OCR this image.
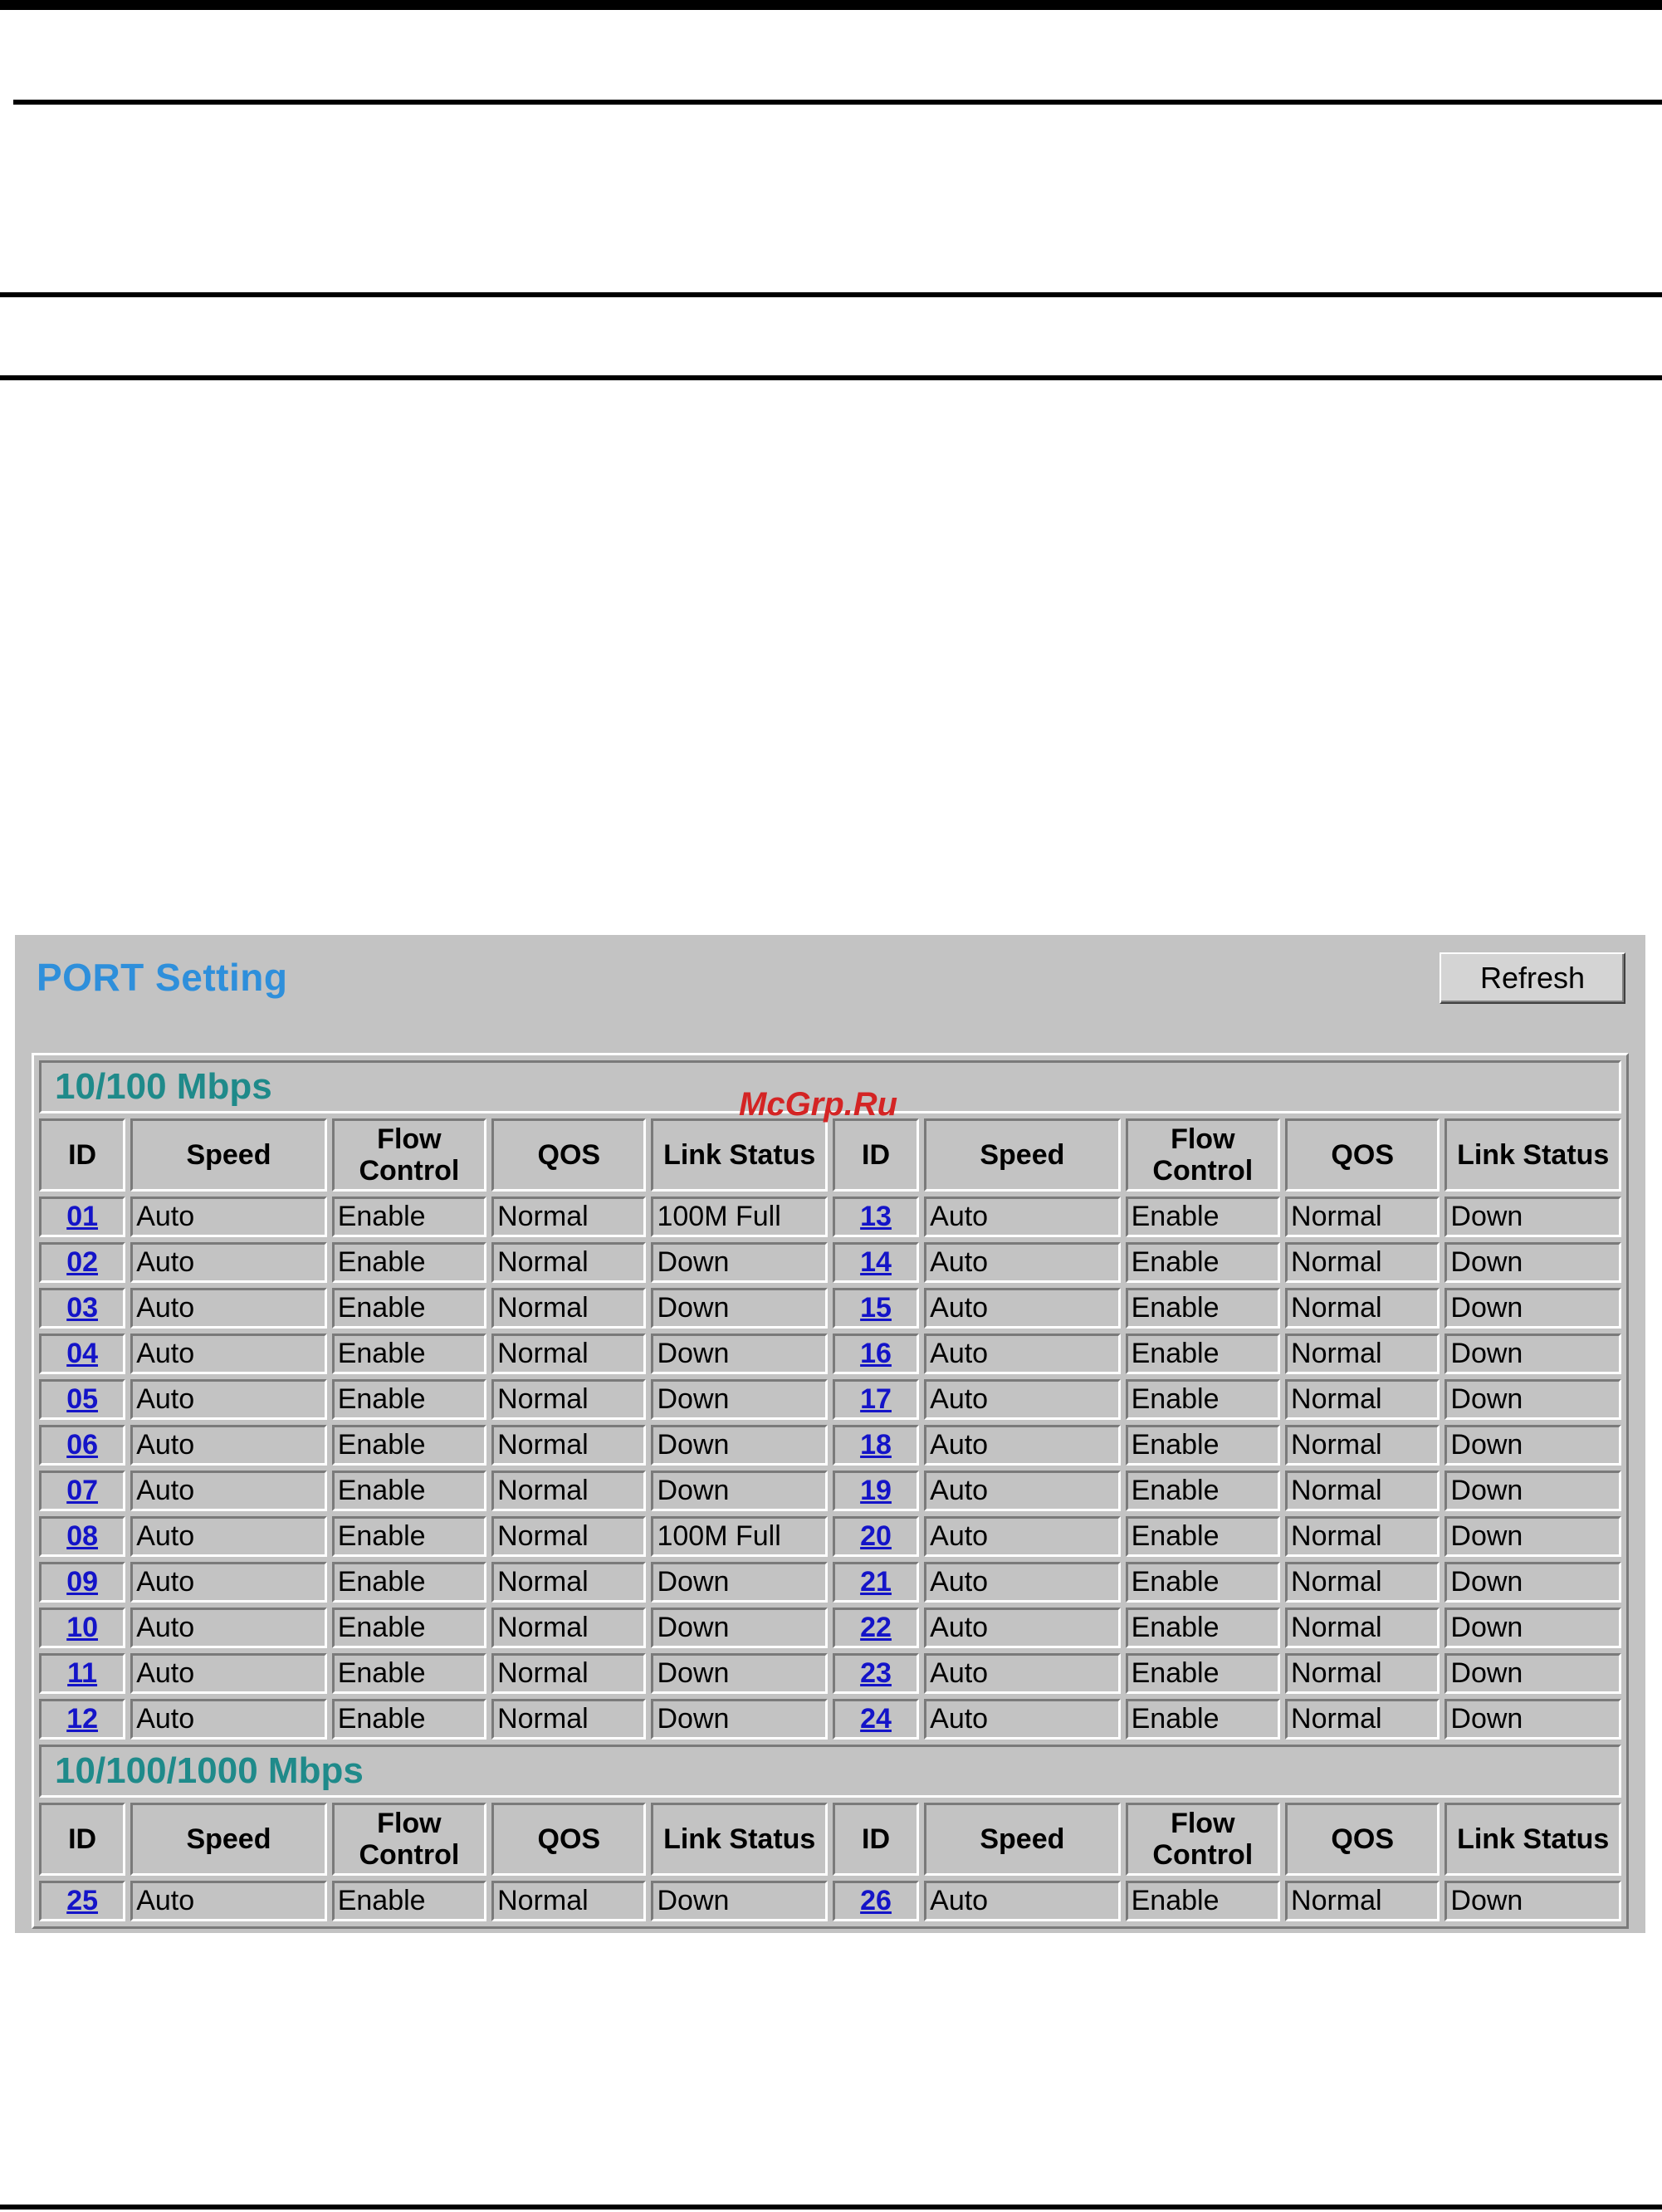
PORT Setting	Refresh
10/100 Mbps									
ID	Speed	Flow Control	QOS	Link Status	ID	Speed	Flow Control	QOS	Link Status
01	Auto	Enable	Normal	100M Full	13	Auto	Enable	Normal	Down
02	Auto	Enable	Normal	Down	14	Auto	Enable	Normal	Down
03	Auto	Enable	Normal	Down	15	Auto	Enable	Normal	Down
04	Auto	Enable	Normal	Down	16	Auto	Enable	Normal	Down
05	Auto	Enable	Normal	Down	17	Auto	Enable	Normal	Down
06	Auto	Enable	Normal	Down	18	Auto	Enable	Normal	Down
07	Auto	Enable	Normal	Down	19	Auto	Enable	Normal	Down
08	Auto	Enable	Normal	100M Full	20	Auto	Enable	Normal	Down
09	Auto	Enable	Normal	Down	21	Auto	Enable	Normal	Down
10	Auto	Enable	Normal	Down	22	Auto	Enable	Normal	Down
11	Auto	Enable	Normal	Down	23	Auto	Enable	Normal	Down
12	Auto	Enable	Normal	Down	24	Auto	Enable	Normal	Down
10/100/1000 Mbps									
ID	Speed	Flow Control	QOS	Link Status	ID	Speed	Flow Control	QOS	Link Status
25	Auto	Enable	Normal	Down	26	Auto	Enable	Normal	Down
McGrp.Ru
